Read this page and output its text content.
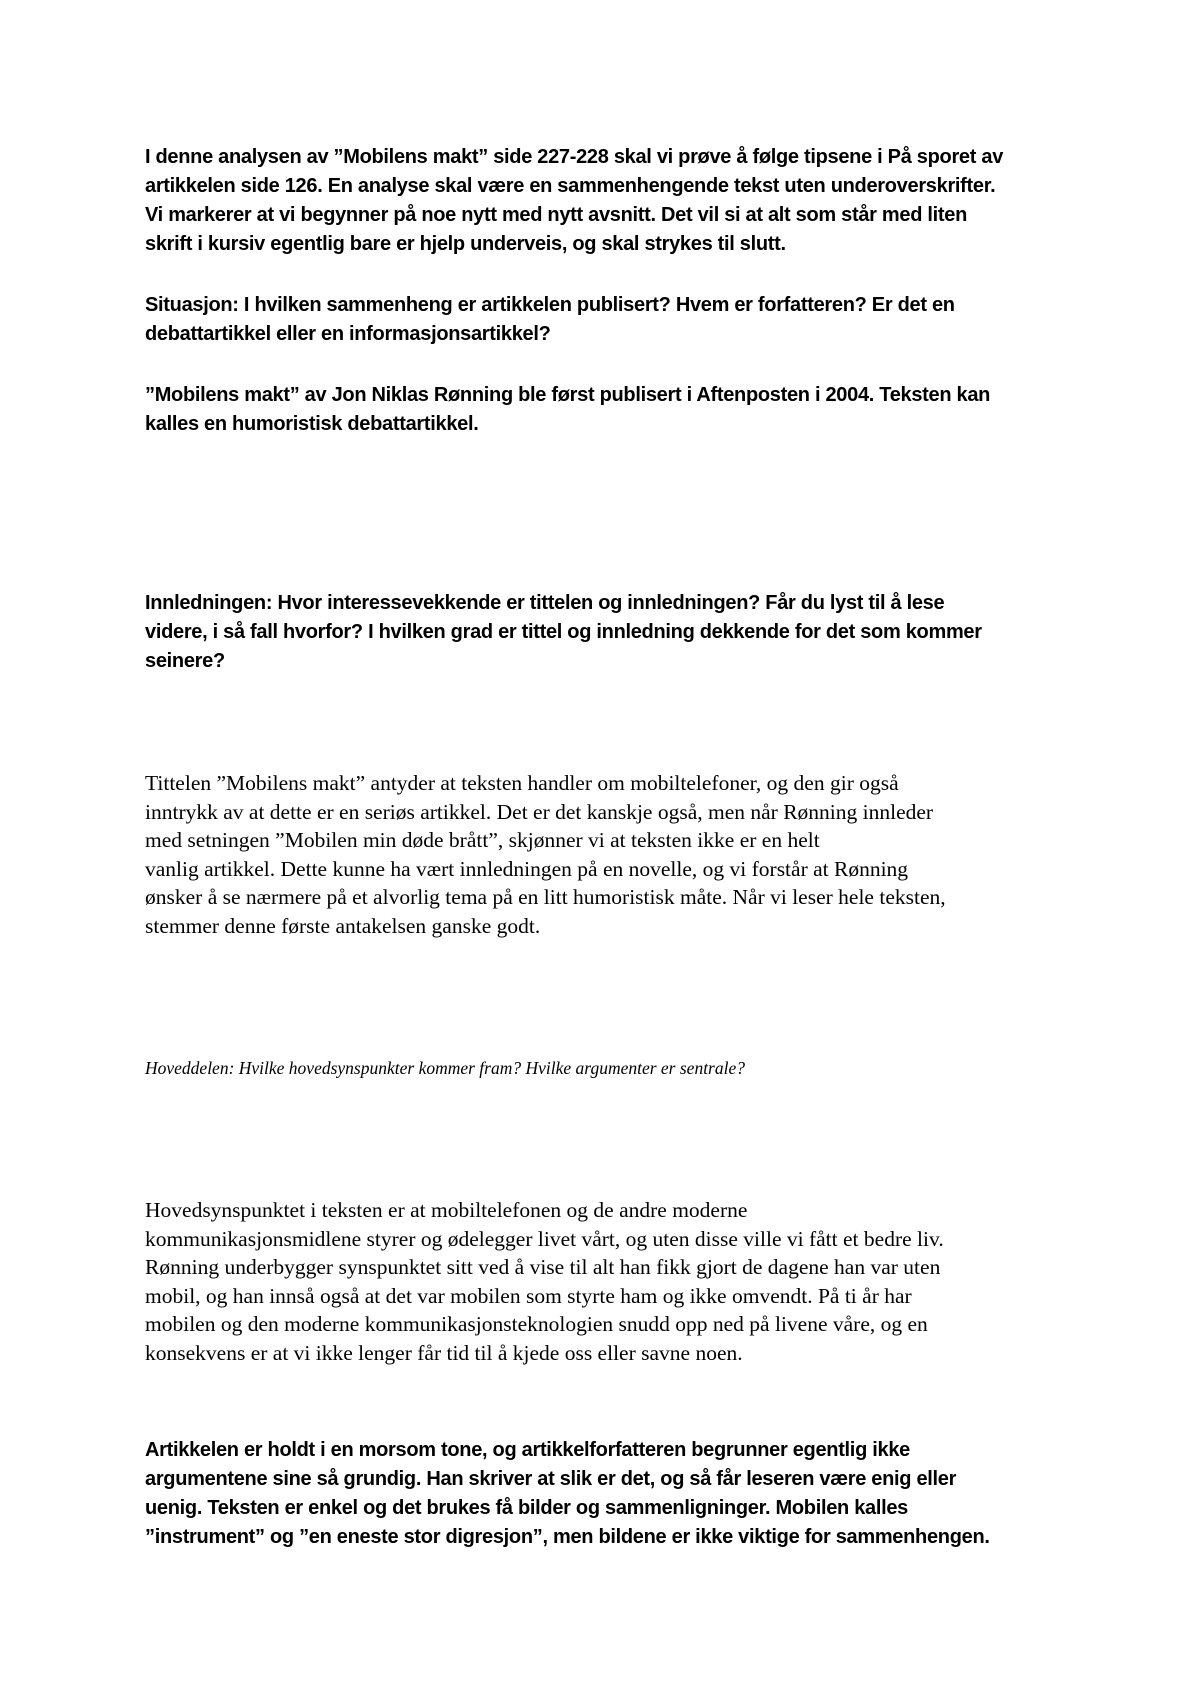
I denne analysen av ”Mobilens makt” side 227-228 skal vi prøve å følge tipsene i På sporet av
artikkelen side 126. En analyse skal være en sammenhengende tekst uten underoverskrifter.
Vi markerer at vi begynner på noe nytt med nytt avsnitt. Det vil si at alt som står med liten
skrift i kursiv egentlig bare er hjelp underveis, og skal strykes til slutt.

Situasjon: I hvilken sammenheng er artikkelen publisert? Hvem er forfatteren? Er det en
debattartikkel eller en informasjonsartikkel?

”Mobilens makt” av Jon Niklas Rønning ble først publisert i Aftenposten i 2004. Teksten kan
kalles en humoristisk debattartikkel.

Innledningen: Hvor interessevekkende er tittelen og innledningen? Får du lyst til å lese
videre, i så fall hvorfor? I hvilken grad er tittel og innledning dekkende for det som kommer
seinere?

Tittelen ”Mobilens makt” antyder at teksten handler om mobiltelefoner, og den gir også
inntrykk av at dette er en seriøs artikkel. Det er det kanskje også, men når Rønning innleder
med setningen ”Mobilen min døde brått”, skjønner vi at teksten ikke er en helt
vanlig artikkel. Dette kunne ha vært innledningen på en novelle, og vi forstår at Rønning
ønsker å se nærmere på et alvorlig tema på en litt humoristisk måte. Når vi leser hele teksten,
stemmer denne første antakelsen ganske godt.

Hoveddelen: Hvilke hovedsynspunkter kommer fram? Hvilke argumenter er sentrale?

Hovedsynspunktet i teksten er at mobiltelefonen og de andre moderne
kommunikasjonsmidlene styrer og ødelegger livet vårt, og uten disse ville vi fått et bedre liv.
Rønning underbygger synspunktet sitt ved å vise til alt han fikk gjort de dagene han var uten
mobil, og han innså også at det var mobilen som styrte ham og ikke omvendt. På ti år har
mobilen og den moderne kommunikasjonsteknologien snudd opp ned på livene våre, og en
konsekvens er at vi ikke lenger får tid til å kjede oss eller savne noen.

Artikkelen er holdt i en morsom tone, og artikkelforfatteren begrunner egentlig ikke
argumentene sine så grundig. Han skriver at slik er det, og så får leseren være enig eller
uenig. Teksten er enkel og det brukes få bilder og sammenligninger. Mobilen kalles
”instrument” og ”en eneste stor digresjon”, men bildene er ikke viktige for sammenhengen.
